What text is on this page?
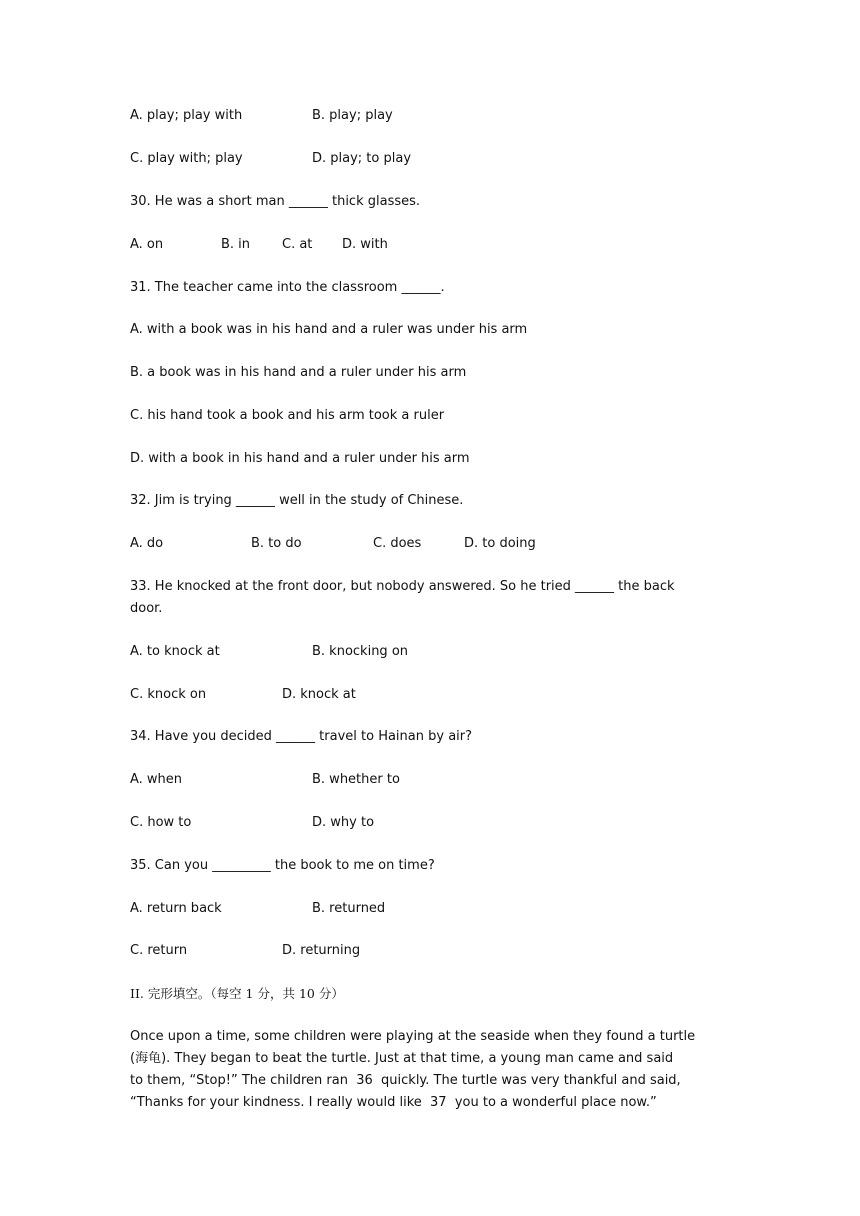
A. play; play with	B. play; play
C. play with; play	D. play; to play
30. He was a short man ______ thick glasses.
A. on	B. in C. at D. with
31. The teacher came into the classroom ______.
A. with a book was in his hand and a ruler was under his arm
B. a book was in his hand and a ruler under his arm
C. his hand took a book and his arm took a ruler
D. with a book in his hand and a ruler under his arm
32. Jim is trying ______ well in the study of Chinese.
A. do	B. to do	C. does	D. to doing
33. He knocked at the front door, but nobody answered. So he tried ______ the back
door.
A. to knock at	B. knocking on
C. knock on	D. knock at
34. Have you decided ______ travel to Hainan by air?
A. when	B. whether to
C. how to	D. why to
35. Can you _________ the book to me on time?
A. return back	B. returned
C. return	D. returning
II. 完形填空。（每空 1 分，共 10 分）
Once upon a time, some children were playing at the seaside when they found a turtle
(海龟). They began to beat the turtle. Just at that time, a young man came and said
to them, “Stop!” The children ran  36  quickly. The turtle was very thankful and said,
“Thanks for your kindness. I really would like  37  you to a wonderful place now.”
